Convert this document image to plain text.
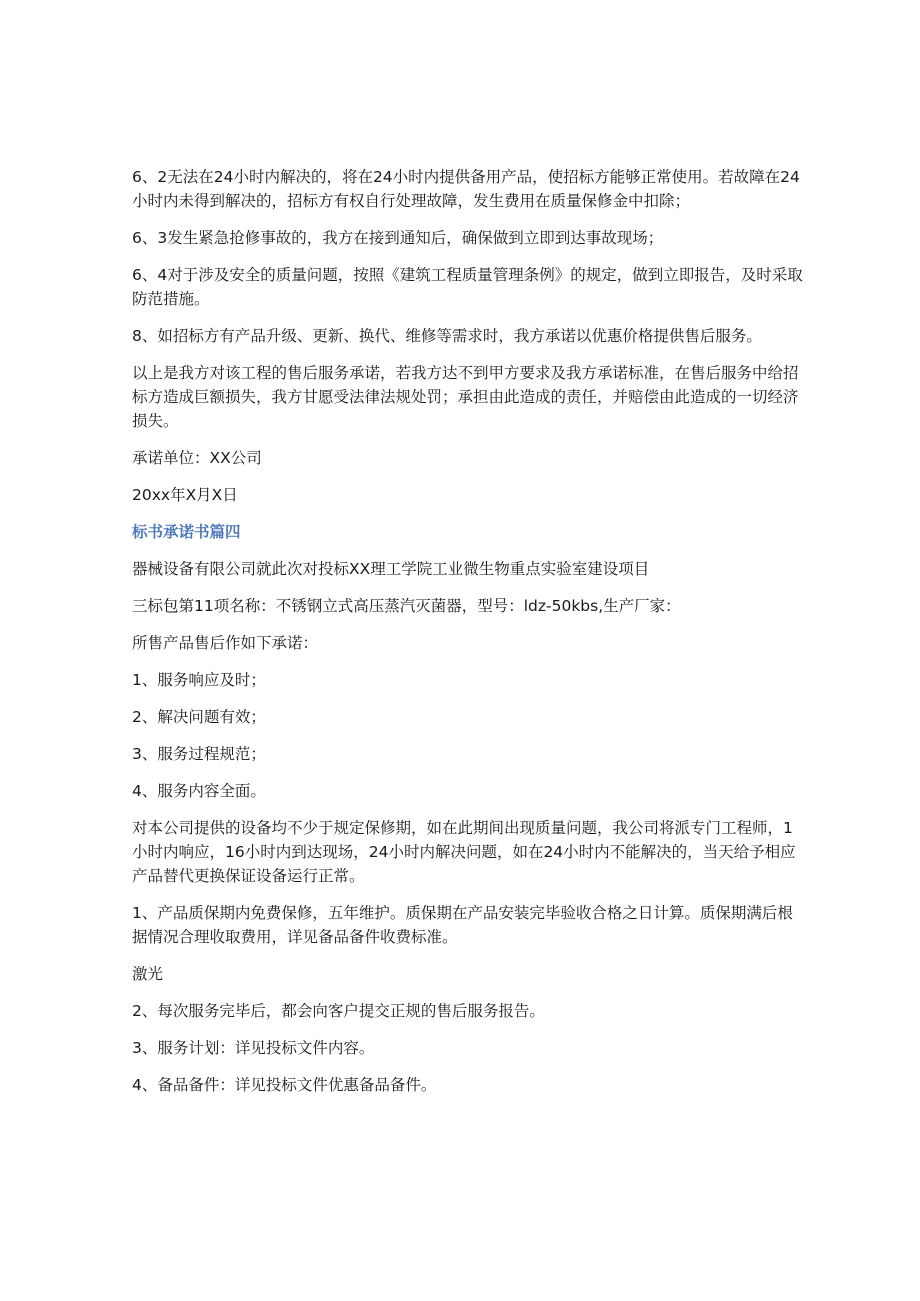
6、2无法在24小时内解决的，将在24小时内提供备用产品，使招标方能够正常使用。若故障在24小时内未得到解决的，招标方有权自行处理故障，发生费用在质量保修金中扣除；

6、3发生紧急抢修事故的，我方在接到通知后，确保做到立即到达事故现场；

6、4对于涉及安全的质量问题，按照《建筑工程质量管理条例》的规定，做到立即报告，及时采取防范措施。

8、如招标方有产品升级、更新、换代、维修等需求时，我方承诺以优惠价格提供售后服务。

以上是我方对该工程的售后服务承诺，若我方达不到甲方要求及我方承诺标准，在售后服务中给招标方造成巨额损失，我方甘愿受法律法规处罚；承担由此造成的责任，并赔偿由此造成的一切经济损失。

承诺单位：XX公司

20xx年X月X日

标书承诺书篇四

器械设备有限公司就此次对投标XX理工学院工业微生物重点实验室建设项目

三标包第11项名称：不锈钢立式高压蒸汽灭菌器，型号：ldz-50kbs,生产厂家：

所售产品售后作如下承诺：

1、服务响应及时；

2、解决问题有效；

3、服务过程规范；

4、服务内容全面。

对本公司提供的设备均不少于规定保修期，如在此期间出现质量问题，我公司将派专门工程师，1小时内响应，16小时内到达现场，24小时内解决问题，如在24小时内不能解决的，当天给予相应产品替代更换保证设备运行正常。

1、产品质保期内免费保修，五年维护。质保期在产品安装完毕验收合格之日计算。质保期满后根据情况合理收取费用，详见备品备件收费标准。

激光

2、每次服务完毕后，都会向客户提交正规的售后服务报告。

3、服务计划：详见投标文件内容。

4、备品备件：详见投标文件优惠备品备件。
